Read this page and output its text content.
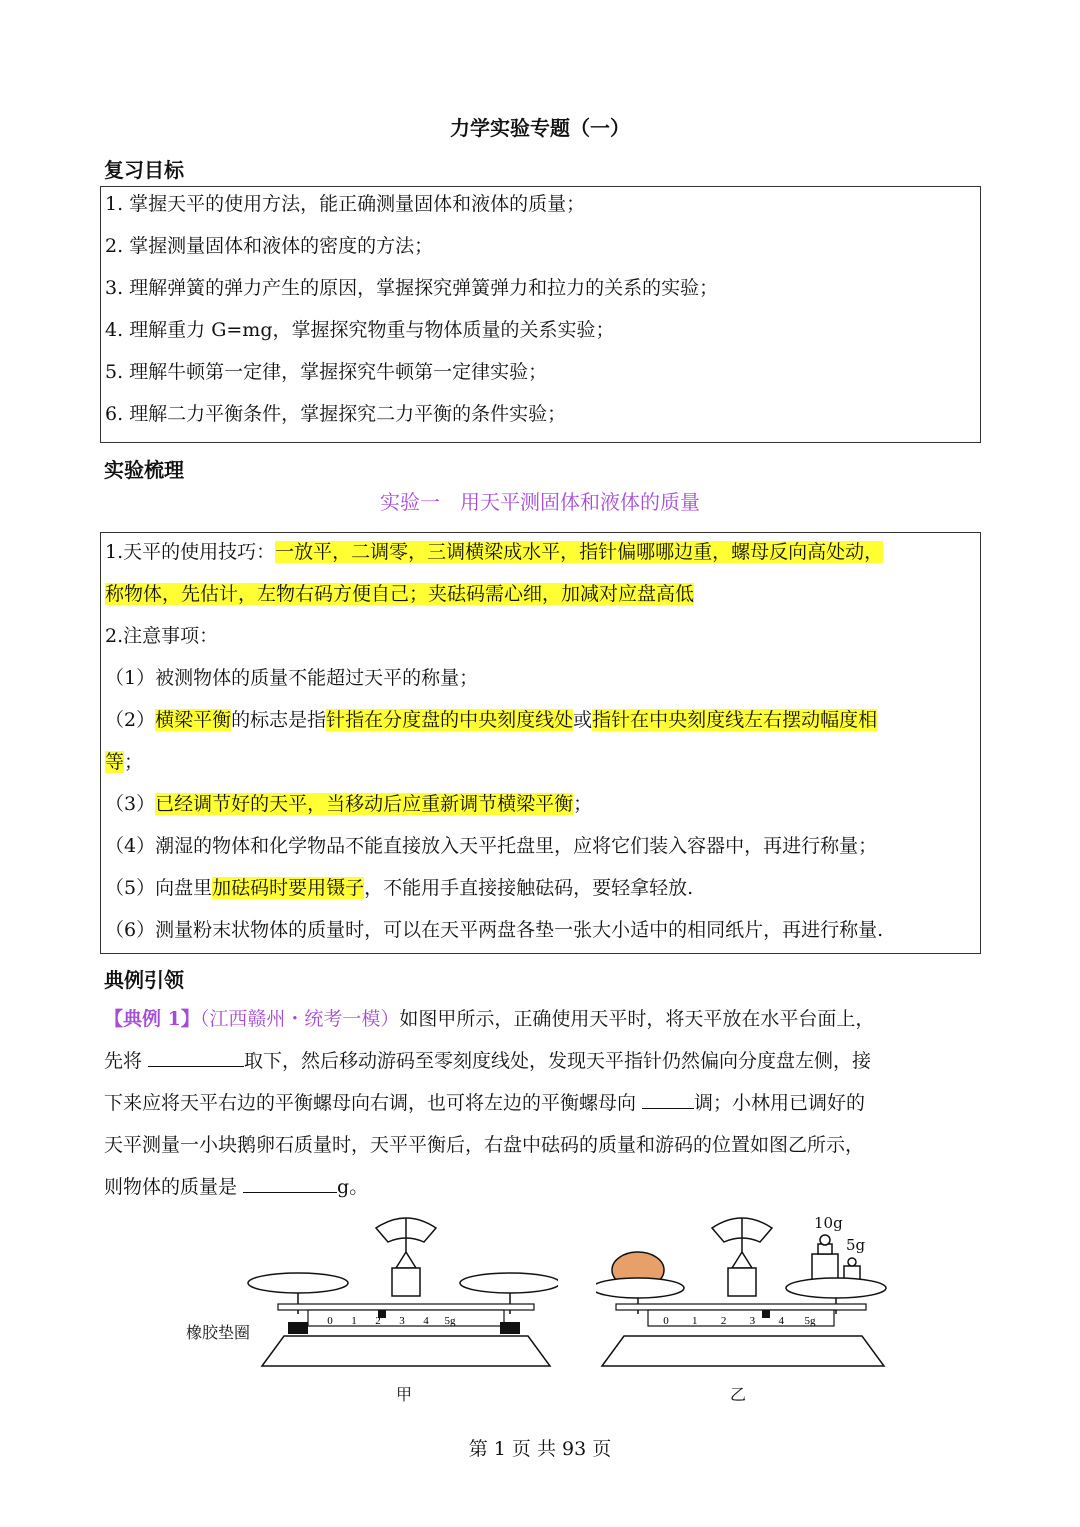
力学实验专题（一）
复习目标
1. 掌握天平的使用方法，能正确测量固体和液体的质量；
2. 掌握测量固体和液体的密度的方法；
3. 理解弹簧的弹力产生的原因，掌握探究弹簧弹力和拉力的关系的实验；
4. 理解重力 G=mg，掌握探究物重与物体质量的关系实验；
5. 理解牛顿第一定律，掌握探究牛顿第一定律实验；
6. 理解二力平衡条件，掌握探究二力平衡的条件实验；
实验梳理
实验一　用天平测固体和液体的质量
1.天平的使用技巧：一放平，二调零，三调横梁成水平，指针偏哪哪边重，螺母反向高处动，
称物体，先估计，左物右码方便自己；夹砝码需心细，加减对应盘高低
2.注意事项：
（1）被测物体的质量不能超过天平的称量；
（2）横梁平衡的标志是指针指在分度盘的中央刻度线处或指针在中央刻度线左右摆动幅度相
等；
（3）已经调节好的天平，当移动后应重新调节横梁平衡；
（4）潮湿的物体和化学物品不能直接放入天平托盘里，应将它们装入容器中，再进行称量；
（5）向盘里加砝码时要用镊子，不能用手直接接触砝码，要轻拿轻放.
（6）测量粉末状物体的质量时，可以在天平两盘各垫一张大小适中的相同纸片，再进行称量.
典例引领
【典例 1】（江西赣州・统考一模）如图甲所示，正确使用天平时，将天平放在水平台面上，
先将	取下，然后移动游码至零刻度线处，发现天平指针仍然偏向分度盘左侧，接
下来应将天平右边的平衡螺母向右调，也可将左边的平衡螺母向	调；小林用已调好的
天平测量一小块鹅卵石质量时，天平平衡后，右盘中砝码的质量和游码的位置如图乙所示，
则物体的质量是	g。
橡胶垫圈
0 1 2 3 4 5g
甲
0 1 2 3 4 5g
乙
10g
5g
第 1 页 共 93 页
